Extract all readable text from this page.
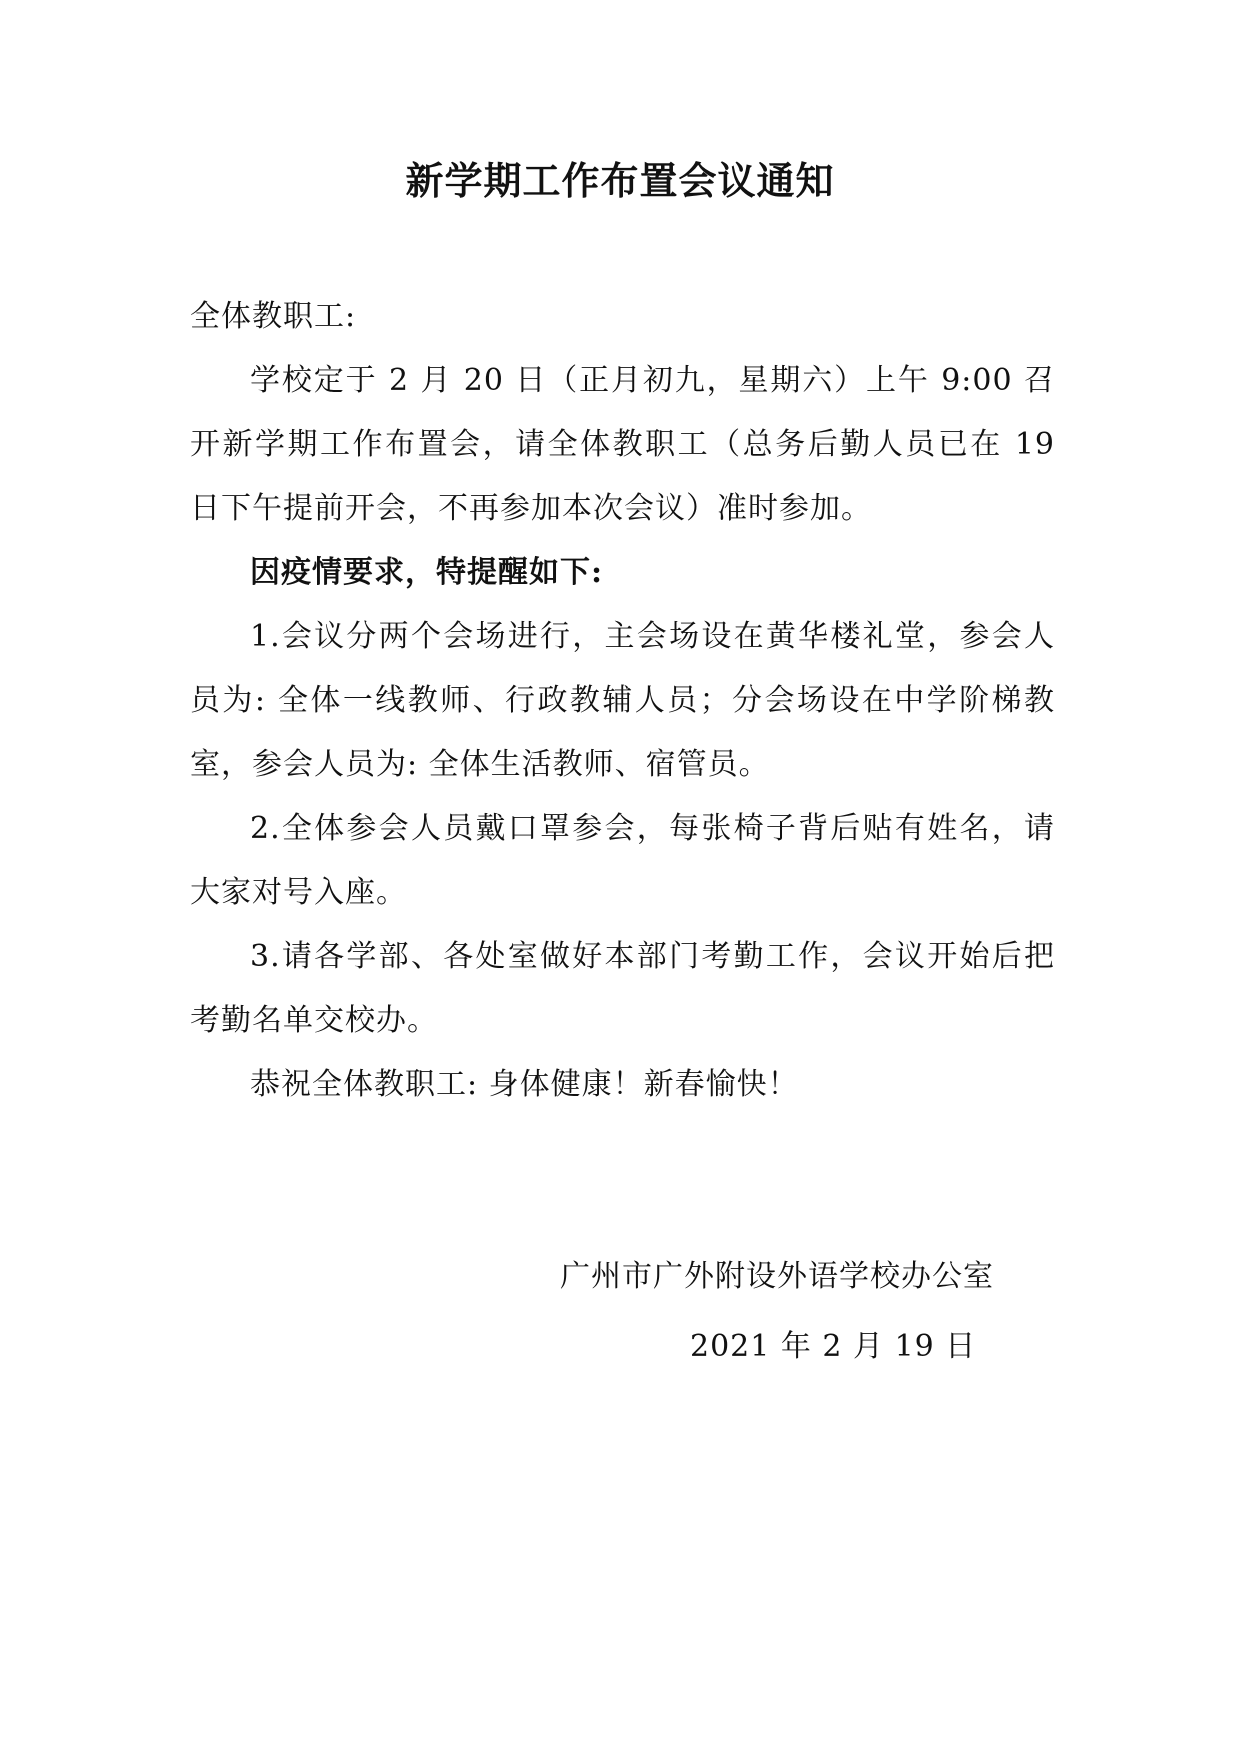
新学期工作布置会议通知

全体教职工:

学校定于 2 月 20 日（正月初九，星期六）上午 9:00 召开新学期工作布置会，请全体教职工（总务后勤人员已在 19 日下午提前开会，不再参加本次会议）准时参加。

因疫情要求，特提醒如下:

1.会议分两个会场进行，主会场设在黄华楼礼堂，参会人员为: 全体一线教师、行政教辅人员；分会场设在中学阶梯教室，参会人员为: 全体生活教师、宿管员。

2.全体参会人员戴口罩参会，每张椅子背后贴有姓名，请大家对号入座。

3.请各学部、各处室做好本部门考勤工作，会议开始后把考勤名单交校办。

恭祝全体教职工: 身体健康！新春愉快！

广州市广外附设外语学校办公室
2021 年 2 月 19 日
